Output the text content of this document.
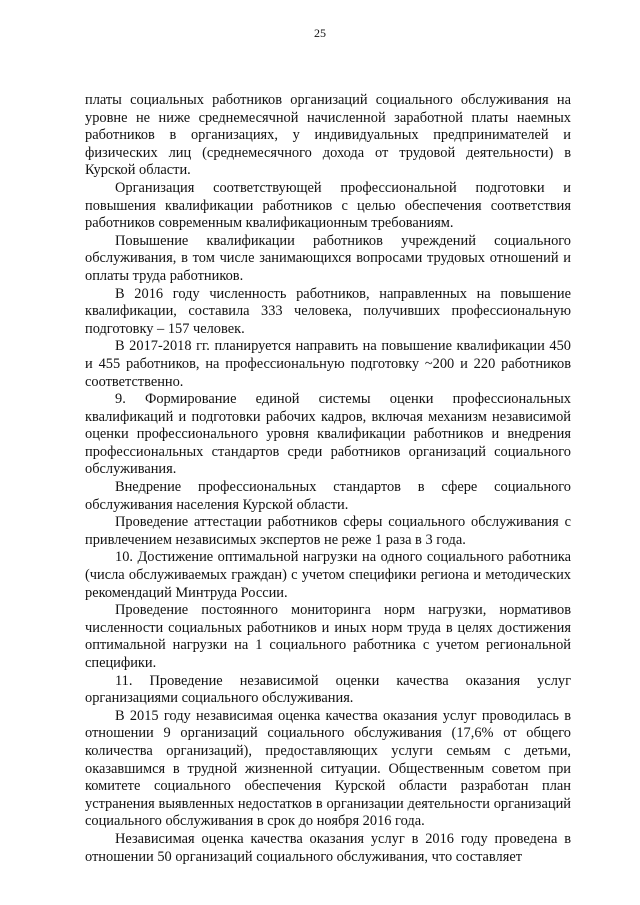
25

платы социальных работников организаций социального обслуживания на уровне не ниже среднемесячной начисленной заработной платы наемных работников в организациях, у индивидуальных предпринимателей и физических лиц (среднемесячного дохода от трудовой деятельности) в Курской области.

Организация соответствующей профессиональной подготовки и повышения квалификации работников с целью обеспечения соответствия работников современным квалификационным требованиям.

Повышение квалификации работников учреждений социального обслуживания, в том числе занимающихся вопросами трудовых отношений и оплаты труда работников.

В 2016 году численность работников, направленных на повышение квалификации, составила 333 человека, получивших профессиональную подготовку – 157 человек.

В 2017-2018 гг. планируется направить на повышение квалификации 450 и 455 работников, на профессиональную подготовку ~200 и 220 работников соответственно.

9. Формирование единой системы оценки профессиональных квалификаций и подготовки рабочих кадров, включая механизм независимой оценки профессионального уровня квалификации работников и внедрения профессиональных стандартов среди работников организаций социального обслуживания.

Внедрение профессиональных стандартов в сфере социального обслуживания населения Курской области.

Проведение аттестации работников сферы социального обслуживания с привлечением независимых экспертов не реже 1 раза в 3 года.

10. Достижение оптимальной нагрузки на одного социального работника (числа обслуживаемых граждан) с учетом специфики региона и методических рекомендаций Минтруда России.

Проведение постоянного мониторинга норм нагрузки, нормативов численности социальных работников и иных норм труда в целях достижения оптимальной нагрузки на 1 социального работника с учетом региональной специфики.

11. Проведение независимой оценки качества оказания услуг организациями социального обслуживания.

В 2015 году независимая оценка качества оказания услуг проводилась в отношении 9 организаций социального обслуживания (17,6% от общего количества организаций), предоставляющих услуги семьям с детьми, оказавшимся в трудной жизненной ситуации. Общественным советом при комитете социального обеспечения Курской области разработан план устранения выявленных недостатков в организации деятельности организаций социального обслуживания в срок до ноября 2016 года.

Независимая оценка качества оказания услуг в 2016 году проведена в отношении 50 организаций социального обслуживания, что составляет
